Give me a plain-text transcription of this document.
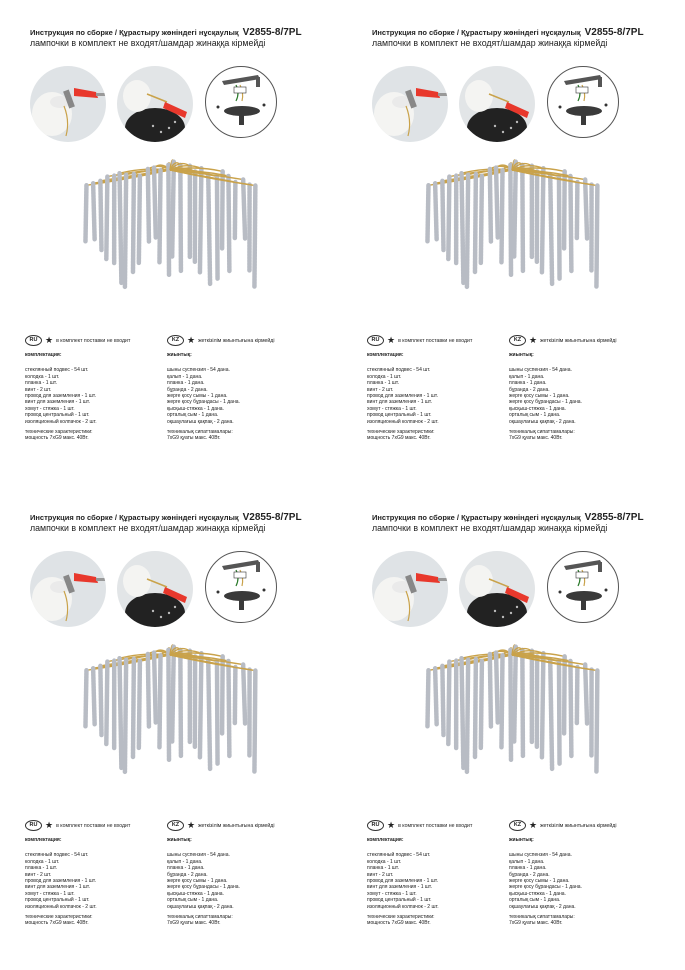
Инструкция по сборке / Құрастыру жөніндегі нұсқаулық V2855-8/7PL
лампочки в комплект не входят/шамдар жинаққа кірмейді
RU ★ в комплект поставки не входит	KZ ★ жеткізілім жиынтығына кірмейді
комплектация:
стеклянный подвес - 54 шт.
колодка - 1 шт.
планка - 1 шт.
винт - 2 шт.
провод для заземления - 1 шт.
винт для заземления - 1 шт.
хомут - стяжка - 1 шт.
провод центральный - 1 шт.
изоляционный колпачок - 2 шт.
технические характеристики:
мощность 7хG9 макс. 40Вт.
жиынтық:
шыны суспензия - 54 дана.
қалып - 1 дана.
планка - 1 дана.
бұранда - 2 дана.
жерге қосу сымы - 1 дана.
жерге қосу бұрандасы - 1 дана.
қысқыш-стяжка - 1 дана.
орталық сым - 1 дана.
оқшаулағыш қақпақ - 2 дана.
техникалық сипаттамалары:
7хG9 қуаты макс. 40Вт.
Инструкция по сборке / Құрастыру жөніндегі нұсқаулық V2855-8/7PL
лампочки в комплект не входят/шамдар жинаққа кірмейді
RU ★ в комплект поставки не входит	KZ ★ жеткізілім жиынтығына кірмейді
комплектация:
стеклянный подвес - 54 шт.
колодка - 1 шт.
планка - 1 шт.
винт - 2 шт.
провод для заземления - 1 шт.
винт для заземления - 1 шт.
хомут - стяжка - 1 шт.
провод центральный - 1 шт.
изоляционный колпачок - 2 шт.
технические характеристики:
мощность 7хG9 макс. 40Вт.
жиынтық:
шыны суспензия - 54 дана.
қалып - 1 дана.
планка - 1 дана.
бұранда - 2 дана.
жерге қосу сымы - 1 дана.
жерге қосу бұрандасы - 1 дана.
қысқыш-стяжка - 1 дана.
орталық сым - 1 дана.
оқшаулағыш қақпақ - 2 дана.
техникалық сипаттамалары:
7хG9 қуаты макс. 40Вт.
Инструкция по сборке / Құрастыру жөніндегі нұсқаулық V2855-8/7PL
лампочки в комплект не входят/шамдар жинаққа кірмейді
RU ★ в комплект поставки не входит	KZ ★ жеткізілім жиынтығына кірмейді
комплектация:
стеклянный подвес - 54 шт.
колодка - 1 шт.
планка - 1 шт.
винт - 2 шт.
провод для заземления - 1 шт.
винт для заземления - 1 шт.
хомут - стяжка - 1 шт.
провод центральный - 1 шт.
изоляционный колпачок - 2 шт.
технические характеристики:
мощность 7хG9 макс. 40Вт.
жиынтық:
шыны суспензия - 54 дана.
қалып - 1 дана.
планка - 1 дана.
бұранда - 2 дана.
жерге қосу сымы - 1 дана.
жерге қосу бұрандасы - 1 дана.
қысқыш-стяжка - 1 дана.
орталық сым - 1 дана.
оқшаулағыш қақпақ - 2 дана.
техникалық сипаттамалары:
7хG9 қуаты макс. 40Вт.
Инструкция по сборке / Құрастыру жөніндегі нұсқаулық V2855-8/7PL
лампочки в комплект не входят/шамдар жинаққа кірмейді
RU ★ в комплект поставки не входит	KZ ★ жеткізілім жиынтығына кірмейді
комплектация:
стеклянный подвес - 54 шт.
колодка - 1 шт.
планка - 1 шт.
винт - 2 шт.
провод для заземления - 1 шт.
винт для заземления - 1 шт.
хомут - стяжка - 1 шт.
провод центральный - 1 шт.
изоляционный колпачок - 2 шт.
технические характеристики:
мощность 7хG9 макс. 40Вт.
жиынтық:
шыны суспензия - 54 дана.
қалып - 1 дана.
планка - 1 дана.
бұранда - 2 дана.
жерге қосу сымы - 1 дана.
жерге қосу бұрандасы - 1 дана.
қысқыш-стяжка - 1 дана.
орталық сым - 1 дана.
оқшаулағыш қақпақ - 2 дана.
техникалық сипаттамалары:
7хG9 қуаты макс. 40Вт.
